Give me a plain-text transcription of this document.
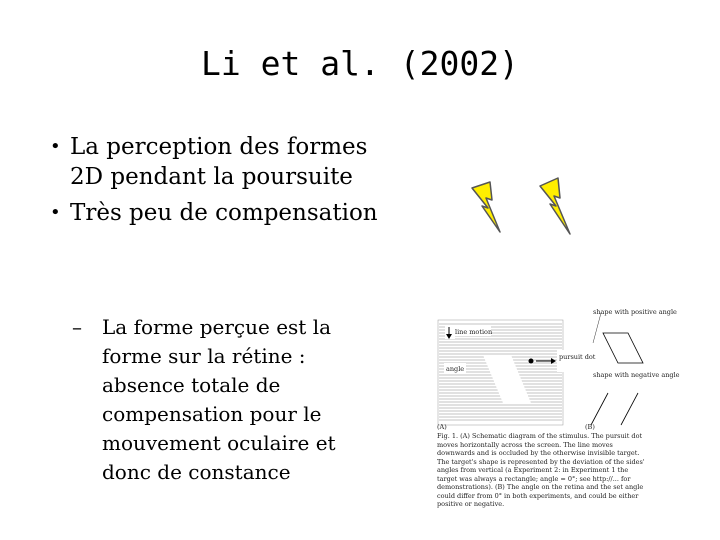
Li et al. (2002)
• La perception des formes 2D pendant la poursuite
• Très peu de compensation
– La forme perçue est la forme sur la rétine : absence totale de compensation pour le mouvement oculaire et donc de constance
line motion
angle
pursuit dot
(A)
shape with positive angle
shape with negative angle
(B)
Fig. 1. (A) Schematic diagram of the stimulus. The pursuit dot moves horizontally across the screen. The line moves downwards and is occluded by the otherwise invisible target. The target's shape is represented by the deviation of the sides' angles from vertical (a Experiment 2: in Experiment 1 the target was always a rectangle; angle = 0°; see http://... for demonstrations). (B) The angle on the retina and the set angle could differ from 0° in both experiments, and could be either positive or negative.
